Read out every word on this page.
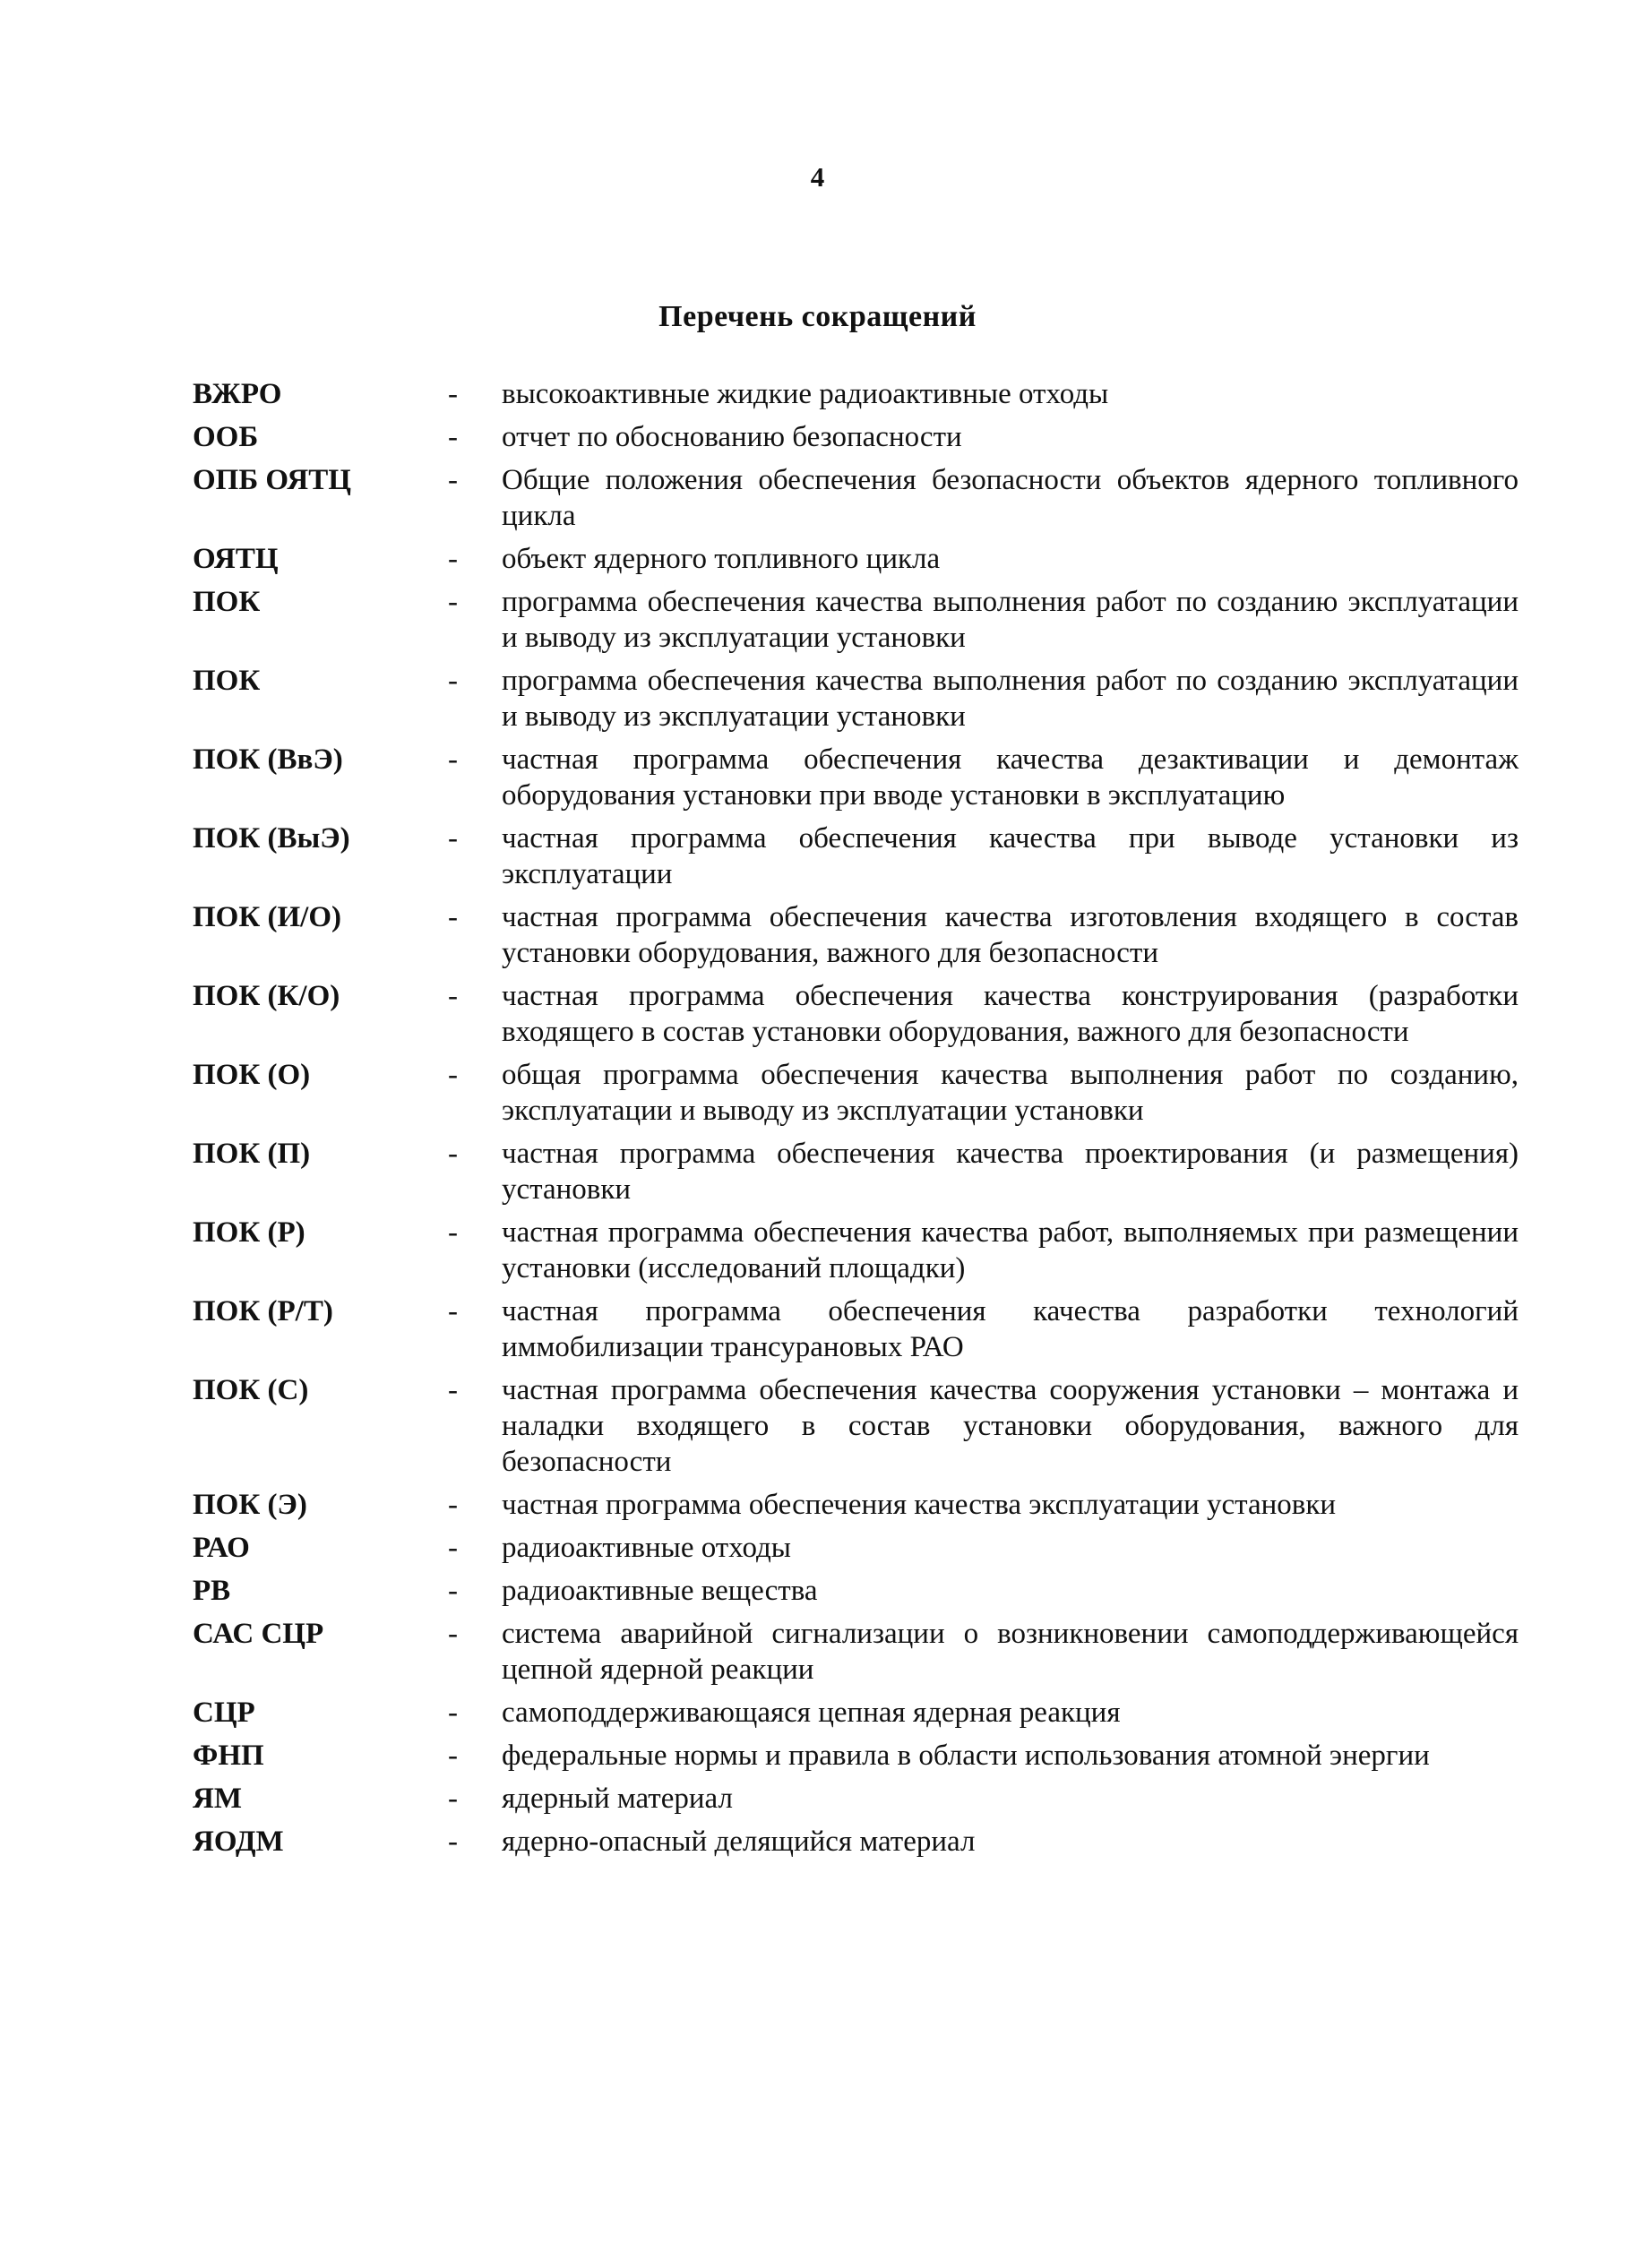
4
Перечень сокращений
ВЖРО	-	высокоактивные жидкие радиоактивные отходы
ООБ	-	отчет по обоснованию безопасности
ОПБ ОЯТЦ	-	Общие положения обеспечения безопасности объектов ядерного топливного цикла
ОЯТЦ	-	объект ядерного топливного цикла
ПОК	-	программа обеспечения качества выполнения работ по созданию эксплуатации и выводу из эксплуатации установки
ПОК	-	программа обеспечения качества выполнения работ по созданию эксплуатации и выводу из эксплуатации установки
ПОК (ВвЭ)	-	частная программа обеспечения качества дезактивации и демонтаж оборудования установки при вводе установки в эксплуатацию
ПОК (ВыЭ)	-	частная программа обеспечения качества при выводе установки из эксплуатации
ПОК (И/О)	-	частная программа обеспечения качества изготовления входящего в состав установки оборудования, важного для безопасности
ПОК (К/О)	-	частная программа обеспечения качества конструирования (разработки входящего в состав установки оборудования, важного для безопасности
ПОК (О)	-	общая программа обеспечения качества выполнения работ по созданию, эксплуатации и выводу из эксплуатации установки
ПОК (П)	-	частная программа обеспечения качества проектирования (и размещения) установки
ПОК (Р)	-	частная программа обеспечения качества работ, выполняемых при размещении установки (исследований площадки)
ПОК (Р/Т)	-	частная программа обеспечения качества разработки технологий иммобилизации трансурановых РАО
ПОК (С)	-	частная программа обеспечения качества сооружения установки – монтажа и наладки входящего в состав установки оборудования, важного для безопасности
ПОК (Э)	-	частная программа обеспечения качества эксплуатации установки
РАО	-	радиоактивные отходы
РВ	-	радиоактивные вещества
САС СЦР	-	система аварийной сигнализации о возникновении самоподдерживающейся цепной ядерной реакции
СЦР	-	самоподдерживающаяся цепная ядерная реакция
ФНП	-	федеральные нормы и правила в области использования атомной энергии
ЯМ	-	ядерный материал
ЯОДМ	-	ядерно-опасный делящийся материал
